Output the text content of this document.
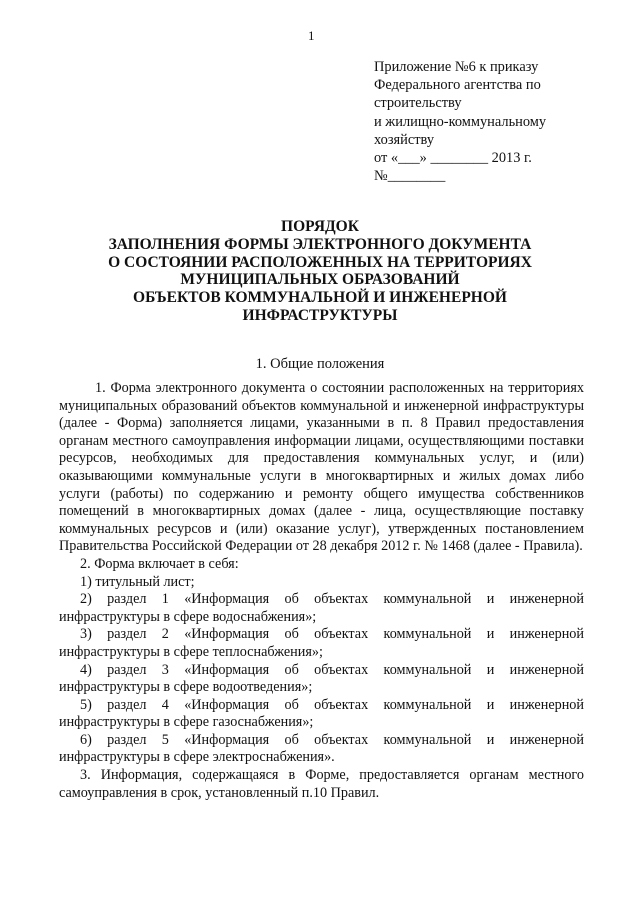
1
Приложение №6 к приказу
Федерального агентства по
строительству
и жилищно-коммунальному
хозяйству
от «___» ________ 2013 г.
№________
ПОРЯДОК
ЗАПОЛНЕНИЯ ФОРМЫ ЭЛЕКТРОННОГО ДОКУМЕНТА
О СОСТОЯНИИ РАСПОЛОЖЕННЫХ НА ТЕРРИТОРИЯХ
МУНИЦИПАЛЬНЫХ ОБРАЗОВАНИЙ
ОБЪЕКТОВ КОММУНАЛЬНОЙ И ИНЖЕНЕРНОЙ
ИНФРАСТРУКТУРЫ
1. Общие положения
1. Форма электронного документа о состоянии расположенных на территориях муниципальных образований объектов коммунальной и инженерной инфраструктуры (далее - Форма) заполняется лицами, указанными в п. 8 Правил предоставления органам местного самоуправления информации лицами, осуществляющими поставки ресурсов, необходимых для предоставления коммунальных услуг, и (или) оказывающими коммунальные услуги в многоквартирных и жилых домах либо услуги (работы) по содержанию и ремонту общего имущества собственников помещений в многоквартирных домах (далее - лица, осуществляющие поставку коммунальных ресурсов и (или) оказание услуг), утвержденных постановлением Правительства Российской Федерации от 28 декабря 2012 г. № 1468 (далее - Правила).
2. Форма включает в себя:
1) титульный лист;
2) раздел 1 «Информация об объектах коммунальной и инженерной инфраструктуры в сфере водоснабжения»;
3) раздел 2 «Информация об объектах коммунальной и инженерной инфраструктуры в сфере теплоснабжения»;
4) раздел 3 «Информация об объектах коммунальной и инженерной инфраструктуры в сфере водоотведения»;
5) раздел 4 «Информация об объектах коммунальной и инженерной инфраструктуры в сфере газоснабжения»;
6) раздел 5 «Информация об объектах коммунальной и инженерной инфраструктуры в сфере электроснабжения».
3. Информация, содержащаяся в Форме, предоставляется органам местного самоуправления в срок, установленный п.10 Правил.
